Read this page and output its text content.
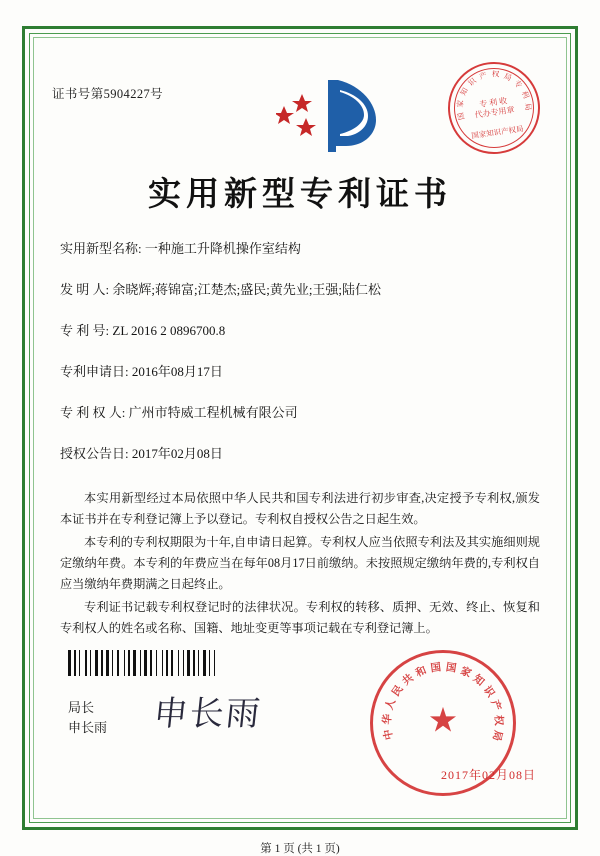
证书号第5904227号
国
家
知
识
产 权 局
专
利
局
专 利 收
代办专用章
国家知识产权局
实用新型专利证书
实用新型名称: 一种施工升降机操作室结构
发 明 人: 余晓辉;蒋锦富;江楚杰;盛民;黄先业;王强;陆仁松
专 利 号: ZL 2016 2 0896700.8
专利申请日: 2016年08月17日
专 利 权 人: 广州市特威工程机械有限公司
授权公告日: 2017年02月08日

本实用新型经过本局依照中华人民共和国专利法进行初步审查,决定授予专利权,颁发本证书并在专利登记簿上予以登记。专利权自授权公告之日起生效。

本专利的专利权期限为十年,自申请日起算。专利权人应当依照专利法及其实施细则规定缴纳年费。本专利的年费应当在每年08月17日前缴纳。未按照规定缴纳年费的,专利权自应当缴纳年费期满之日起终止。

专利证书记载专利权登记时的法律状况。专利权的转移、质押、无效、终止、恢复和专利权人的姓名或名称、国籍、地址变更等事项记载在专利登记簿上。

局长
申长雨 申长雨	★
中
华
人
民
共
和 国 国 家
知
识
产
权
局
2017年02月08日
第 1 页 (共 1 页)
